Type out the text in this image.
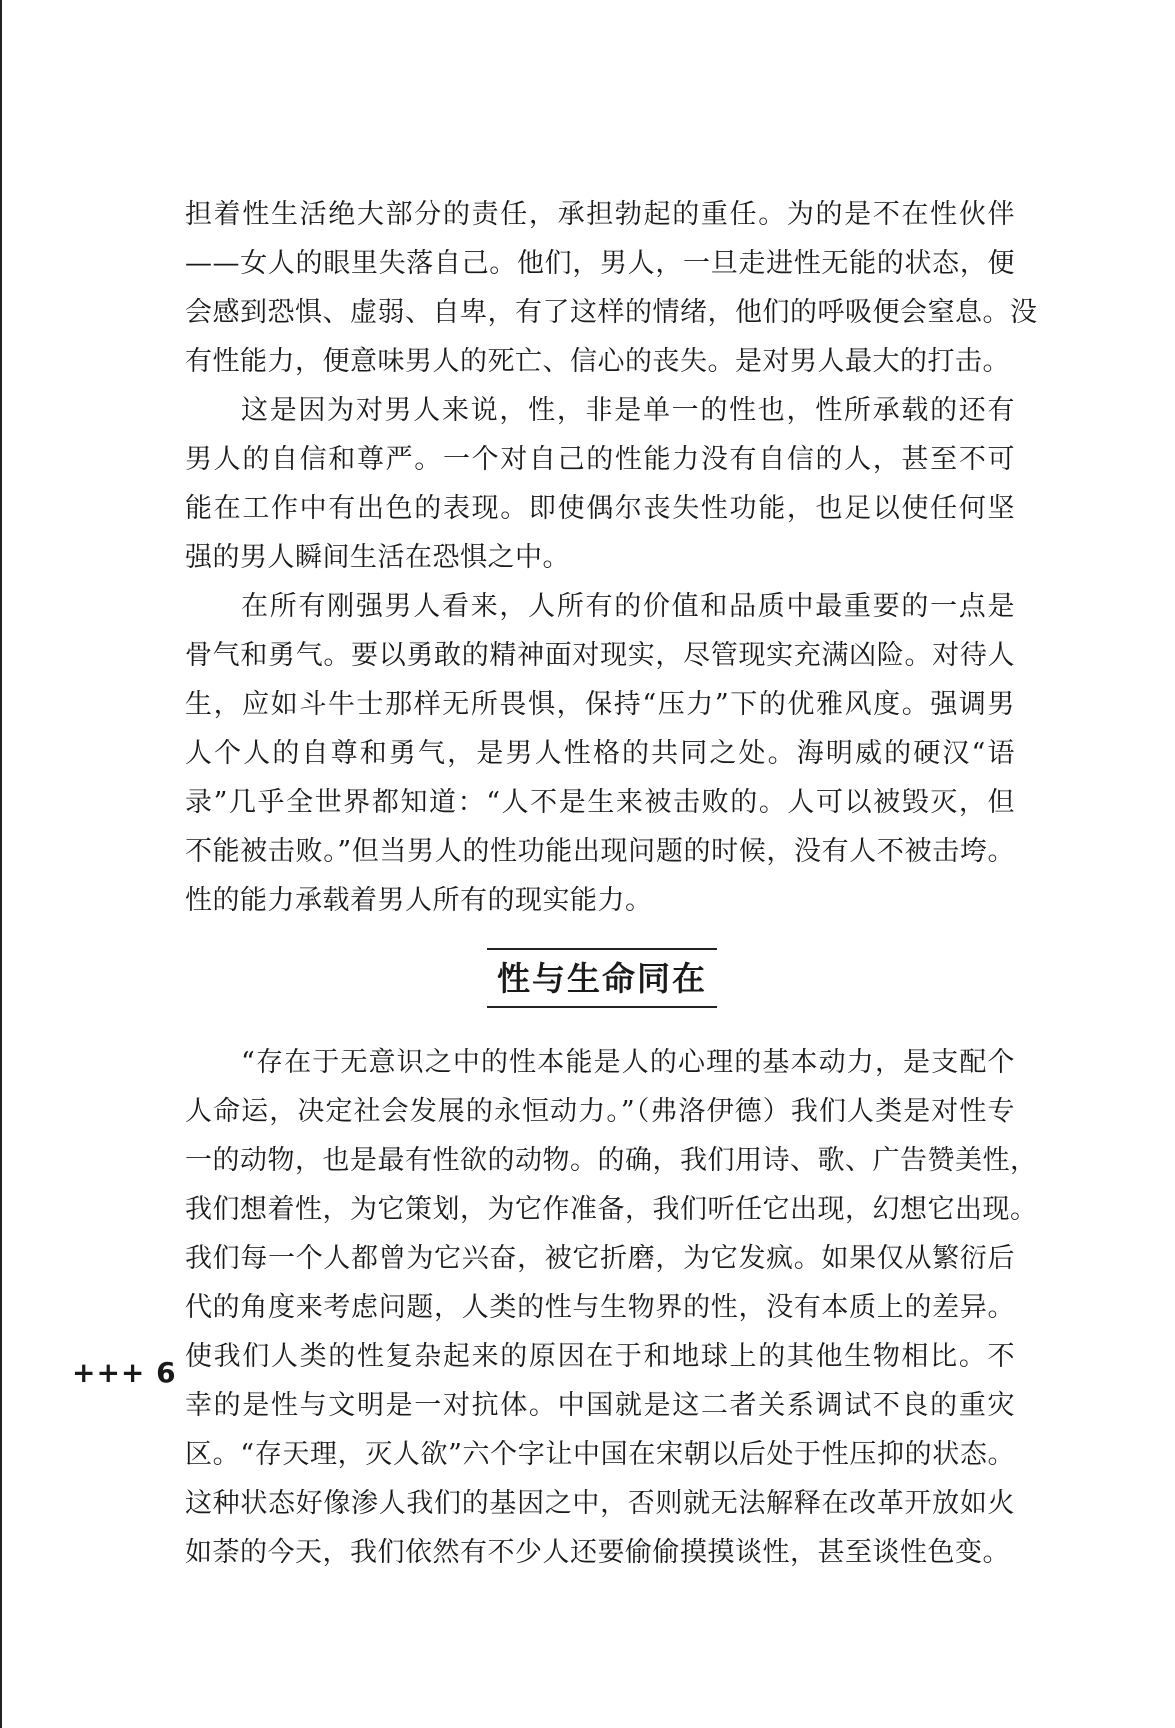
担着性生活绝大部分的责任，承担勃起的重任。为的是不在性伙伴
——女人的眼里失落自己。他们，男人，一旦走进性无能的状态，便
会感到恐惧、虚弱、自卑，有了这样的情绪，他们的呼吸便会窒息。没
有性能力，便意味男人的死亡、信心的丧失。是对男人最大的打击。
这是因为对男人来说，性，非是单一的性也，性所承载的还有
男人的自信和尊严。一个对自己的性能力没有自信的人，甚至不可
能在工作中有出色的表现。即使偶尔丧失性功能，也足以使任何坚
强的男人瞬间生活在恐惧之中。
在所有刚强男人看来，人所有的价值和品质中最重要的一点是
骨气和勇气。要以勇敢的精神面对现实，尽管现实充满凶险。对待人
生，应如斗牛士那样无所畏惧，保持“压力”下的优雅风度。强调男
人个人的自尊和勇气，是男人性格的共同之处。海明威的硬汉“语
录”几乎全世界都知道：“人不是生来被击败的。人可以被毁灭，但
不能被击败。”但当男人的性功能出现问题的时候，没有人不被击垮。
性的能力承载着男人所有的现实能力。
性与生命同在
“存在于无意识之中的性本能是人的心理的基本动力，是支配个
人命运，决定社会发展的永恒动力。”（弗洛伊德）我们人类是对性专
一的动物，也是最有性欲的动物。的确，我们用诗、歌、广告赞美性，
我们想着性，为它策划，为它作准备，我们听任它出现，幻想它出现。
我们每一个人都曾为它兴奋，被它折磨，为它发疯。如果仅从繁衍后
代的角度来考虑问题，人类的性与生物界的性，没有本质上的差异。
使我们人类的性复杂起来的原因在于和地球上的其他生物相比。不
幸的是性与文明是一对抗体。中国就是这二者关系调试不良的重灾
区。“存天理，灭人欲”六个字让中国在宋朝以后处于性压抑的状态。
这种状态好像渗人我们的基因之中，否则就无法解释在改革开放如火
如荼的今天，我们依然有不少人还要偷偷摸摸谈性，甚至谈性色变。
+++ 6
